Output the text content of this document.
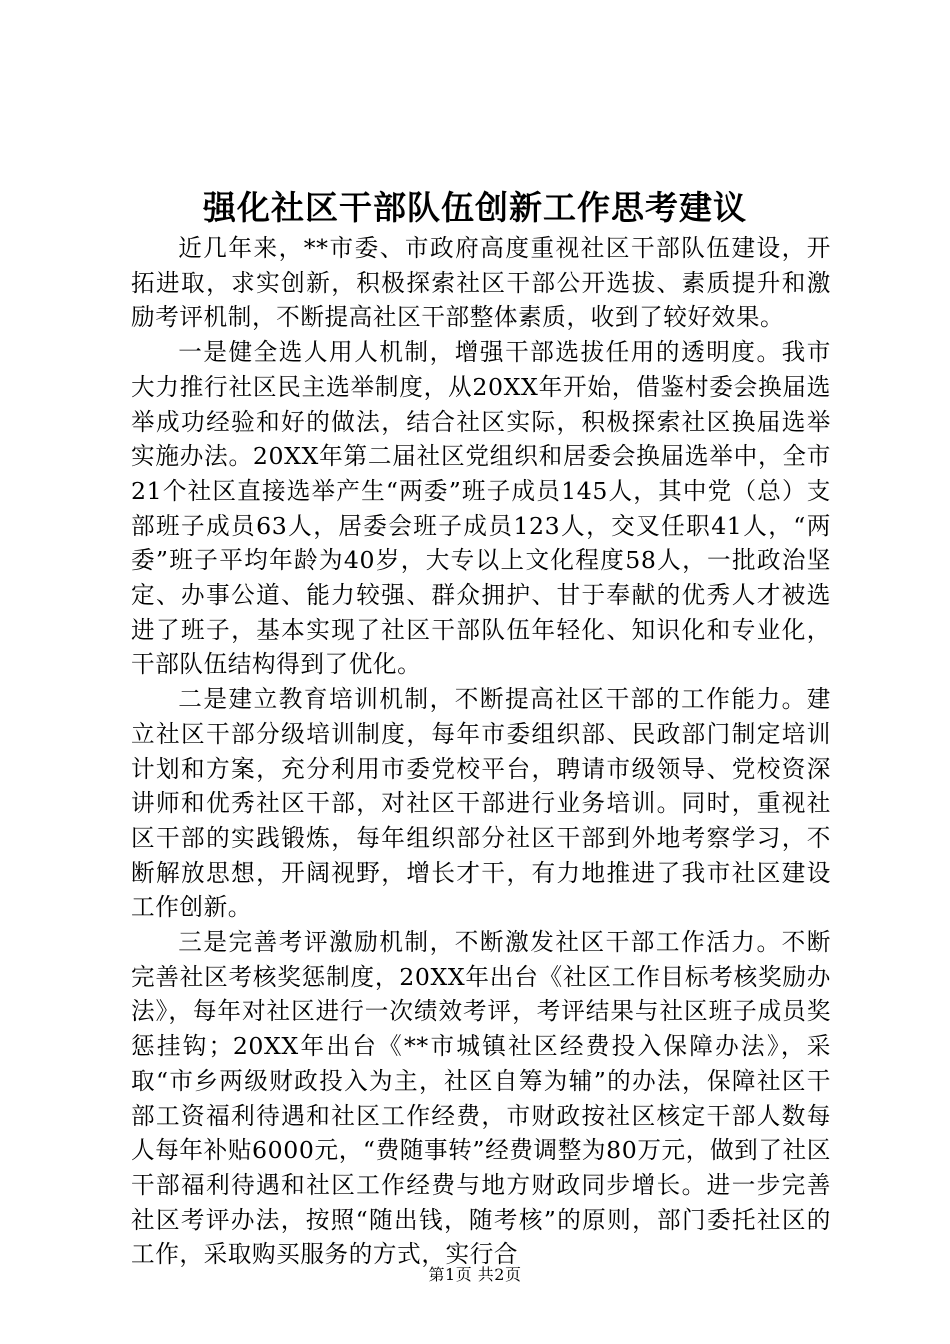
强化社区干部队伍创新工作思考建议

近几年来，**市委、市政府高度重视社区干部队伍建设，开拓进取，求实创新，积极探索社区干部公开选拔、素质提升和激励考评机制，不断提高社区干部整体素质，收到了较好效果。

一是健全选人用人机制，增强干部选拔任用的透明度。我市大力推行社区民主选举制度，从20XX年开始，借鉴村委会换届选举成功经验和好的做法，结合社区实际，积极探索社区换届选举实施办法。20XX年第二届社区党组织和居委会换届选举中，全市21个社区直接选举产生“两委”班子成员145人，其中党（总）支部班子成员63人，居委会班子成员123人，交叉任职41人，“两委”班子平均年龄为40岁，大专以上文化程度58人，一批政治坚定、办事公道、能力较强、群众拥护、甘于奉献的优秀人才被选进了班子，基本实现了社区干部队伍年轻化、知识化和专业化，干部队伍结构得到了优化。

二是建立教育培训机制，不断提高社区干部的工作能力。建立社区干部分级培训制度，每年市委组织部、民政部门制定培训计划和方案，充分利用市委党校平台，聘请市级领导、党校资深讲师和优秀社区干部，对社区干部进行业务培训。同时，重视社区干部的实践锻炼，每年组织部分社区干部到外地考察学习，不断解放思想，开阔视野，增长才干，有力地推进了我市社区建设工作创新。

三是完善考评激励机制，不断激发社区干部工作活力。不断完善社区考核奖惩制度，20XX年出台《社区工作目标考核奖励办法》，每年对社区进行一次绩效考评，考评结果与社区班子成员奖惩挂钩；20XX年出台《**市城镇社区经费投入保障办法》，采取“市乡两级财政投入为主，社区自筹为辅”的办法，保障社区干部工资福利待遇和社区工作经费，市财政按社区核定干部人数每人每年补贴6000元，“费随事转”经费调整为80万元，做到了社区干部福利待遇和社区工作经费与地方财政同步增长。进一步完善社区考评办法，按照“随出钱，随考核”的原则，部门委托社区的工作，采取购买服务的方式，实行合

第1页 共2页
